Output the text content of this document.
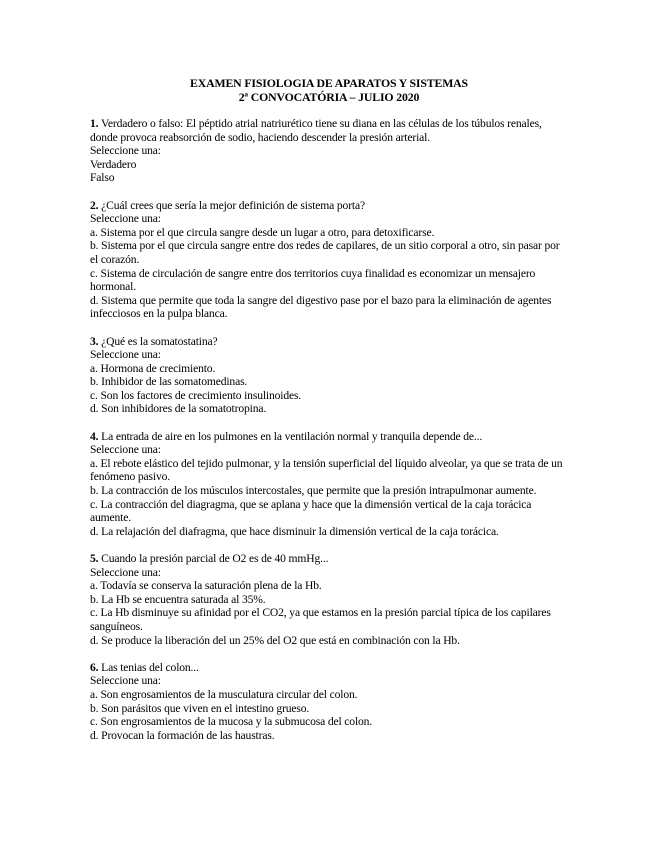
EXAMEN FISIOLOGIA DE APARATOS Y SISTEMAS
2ª CONVOCATÓRIA – JULIO 2020
1. Verdadero o falso: El péptido atrial natriurético tiene su diana en las células de los túbulos renales, donde provoca reabsorción de sodio, haciendo descender la presión arterial.
Seleccione una:
Verdadero
Falso
2. ¿Cuál crees que sería la mejor definición de sistema porta?
Seleccione una:
a. Sistema por el que circula sangre desde un lugar a otro, para detoxificarse.
b. Sistema por el que circula sangre entre dos redes de capilares, de un sitio corporal a otro, sin pasar por el corazón.
c. Sistema de circulación de sangre entre dos territorios cuya finalidad es economizar un mensajero hormonal.
d. Sistema que permite que toda la sangre del digestivo pase por el bazo para la eliminación de agentes infecciosos en la pulpa blanca.
3. ¿Qué es la somatostatina?
Seleccione una:
a. Hormona de crecimiento.
b. Inhibidor de las somatomedinas.
c. Son los factores de crecimiento insulinoides.
d. Son inhibidores de la somatotropina.
4. La entrada de aire en los pulmones en la ventilación normal y tranquila depende de...
Seleccione una:
a. El rebote elástico del tejido pulmonar, y la tensión superficial del líquido alveolar, ya que se trata de un fenómeno pasivo.
b. La contracción de los músculos intercostales, que permite que la presión intrapulmonar aumente.
c. La contracción del diagragma, que se aplana y hace que la dimensión vertical de la caja torácica aumente.
d. La relajación del diafragma, que hace disminuir la dimensión vertical de la caja torácica.
5. Cuando la presión parcial de O2 es de 40 mmHg...
Seleccione una:
a. Todavía se conserva la saturación plena de la Hb.
b. La Hb se encuentra saturada al 35%.
c. La Hb disminuye su afinidad por el CO2, ya que estamos en la presión parcial típica de los capilares sanguíneos.
d. Se produce la liberación del un 25% del O2 que está en combinación con la Hb.
6. Las tenias del colon...
Seleccione una:
a. Son engrosamientos de la musculatura circular del colon.
b. Son parásitos que viven en el intestino grueso.
c. Son engrosamientos de la mucosa y la submucosa del colon.
d. Provocan la formación de las haustras.
